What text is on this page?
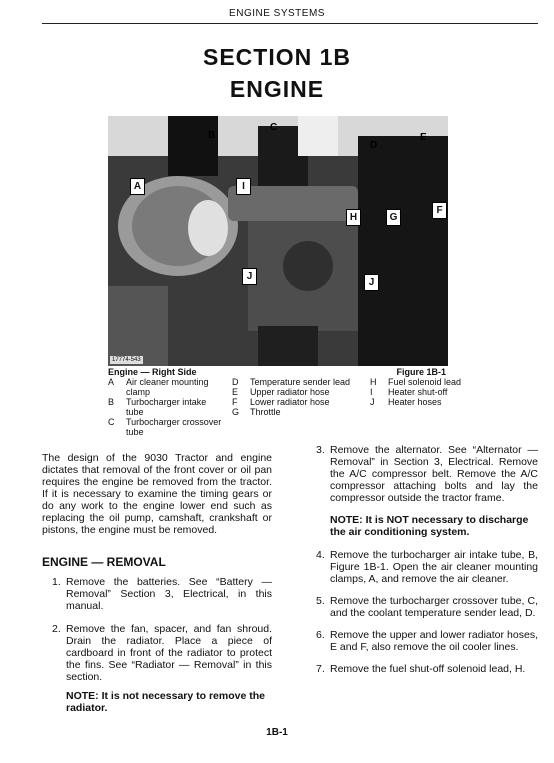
ENGINE SYSTEMS
SECTION 1B
ENGINE
A
B
C
D
E
F
G
H
I
J
J
17774-543
Engine — Right Side	Figure 1B-1
A	Air cleaner mounting clamp
B	Turbocharger intake tube
C	Turbocharger crossover tube
D	Temperature sender lead
E	Upper radiator hose
F	Lower radiator hose
G	Throttle
H	Fuel solenoid lead
I	Heater shut-off
J	Heater hoses
The design of the 9030 Tractor and engine dictates that removal of the front cover or oil pan requires the engine be removed from the tractor. If it is necessary to examine the timing gears or do any work to the engine lower end such as replacing the oil pump, camshaft, crankshaft or pistons, the engine must be removed.
ENGINE — REMOVAL
1. Remove the batteries. See “Battery — Removal” Section 3, Electrical, in this manual.
2. Remove the fan, spacer, and fan shroud. Drain the radiator. Place a piece of cardboard in front of the radiator to protect the fins. See “Radiator — Removal” in this section.
NOTE: It is not necessary to remove the radiator.
3. Remove the alternator. See “Alternator — Removal” in Section 3, Electrical. Remove the A/C compressor belt. Remove the A/C compressor attaching bolts and lay the compressor outside the tractor frame.
NOTE: It is NOT necessary to discharge the air conditioning system.
4. Remove the turbocharger air intake tube, B, Figure 1B-1. Open the air cleaner mounting clamps, A, and remove the air cleaner.
5. Remove the turbocharger crossover tube, C, and the coolant temperature sender lead, D.
6. Remove the upper and lower radiator hoses, E and F, also remove the oil cooler lines.
7. Remove the fuel shut-off solenoid lead, H.
1B-1
